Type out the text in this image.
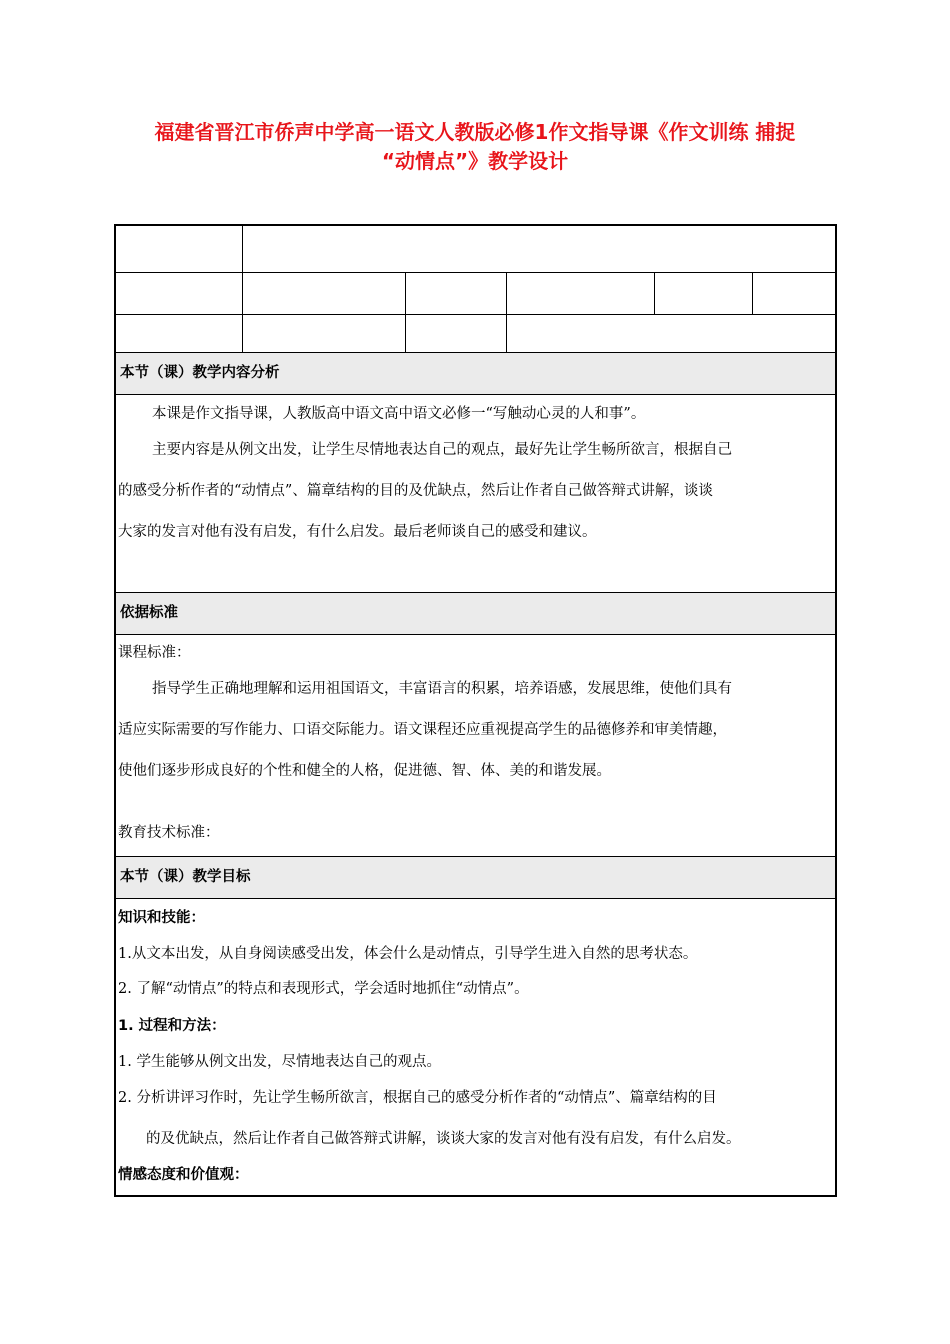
福建省晋江市侨声中学高一语文人教版必修1作文指导课《作文训练 捕捉
“动情点”》教学设计
本节（课）教学内容分析
本课是作文指导课，人教版高中语文高中语文必修一“写触动心灵的人和事”。
主要内容是从例文出发，让学生尽情地表达自己的观点，最好先让学生畅所欲言，根据自己
的感受分析作者的“动情点”、篇章结构的目的及优缺点，然后让作者自己做答辩式讲解，谈谈
大家的发言对他有没有启发，有什么启发。最后老师谈自己的感受和建议。
依据标准
课程标准：
指导学生正确地理解和运用祖国语文，丰富语言的积累，培养语感，发展思维，使他们具有
适应实际需要的写作能力、口语交际能力。语文课程还应重视提高学生的品德修养和审美情趣，
使他们逐步形成良好的个性和健全的人格，促进德、智、体、美的和谐发展。
教育技术标准：
本节（课）教学目标
知识和技能：
1.从文本出发，从自身阅读感受出发，体会什么是动情点，引导学生进入自然的思考状态。
2. 了解“动情点”的特点和表现形式，学会适时地抓住“动情点”。
1. 过程和方法：
1. 学生能够从例文出发，尽情地表达自己的观点。
2. 分析讲评习作时，先让学生畅所欲言，根据自己的感受分析作者的“动情点”、篇章结构的目
的及优缺点，然后让作者自己做答辩式讲解，谈谈大家的发言对他有没有启发，有什么启发。
情感态度和价值观：
